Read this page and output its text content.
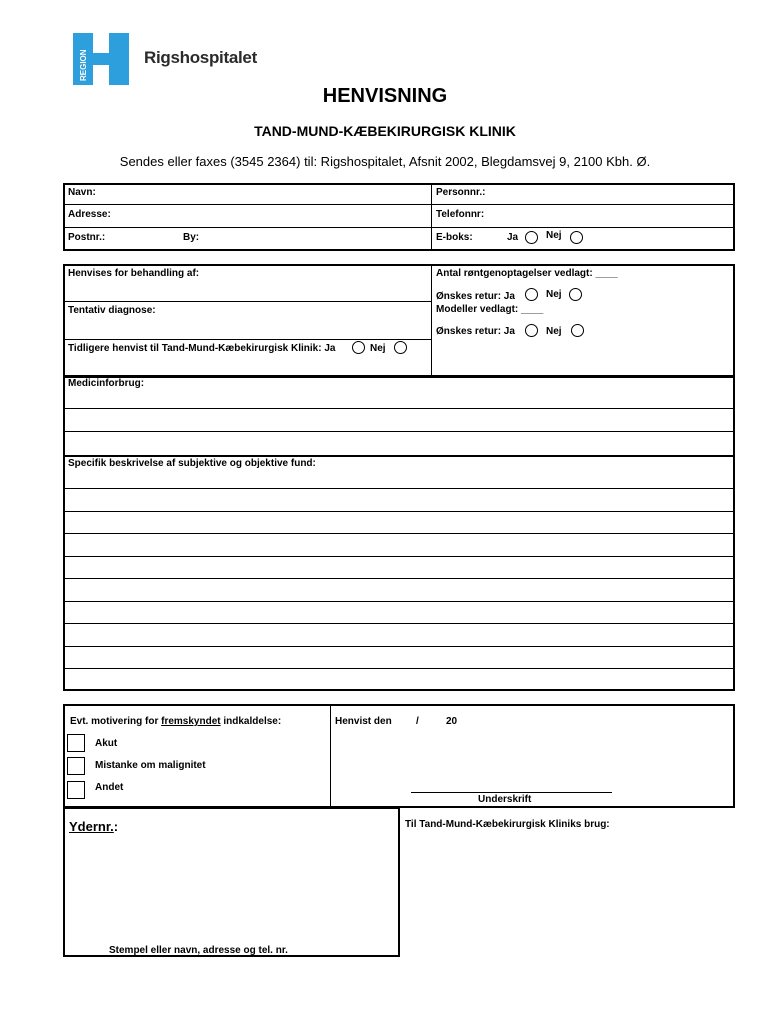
REGION	Rigshospitalet
HENVISNING
TAND-MUND-KÆBEKIRURGISK KLINIK
Sendes eller faxes (3545 2364) til: Rigshospitalet, Afsnit 2002, Blegdamsvej 9, 2100 Kbh. Ø.
Navn:	Personnr.:
Adresse:	Telefonnr:
Postnr.:	By:	E-boks:	Ja	Nej
Henvises for behandling af:	Antal røntgenoptagelser vedlagt: ____
Ønskes retur: Ja	Nej
Tentativ diagnose:	Modeller vedlagt: ____
Ønskes retur: Ja	Nej
Tidligere henvist til Tand-Mund-Kæbekirurgisk Klinik: Ja	Nej
Medicinforbrug:
Specifik beskrivelse af subjektive og objektive fund:
Evt. motivering for fremskyndet indkaldelse:
Akut
Mistanke om malignitet
Andet
Henvist den /	20
Underskrift
Ydernr.:
Stempel eller navn, adresse og tel. nr.
Til Tand-Mund-Kæbekirurgisk Kliniks brug:
